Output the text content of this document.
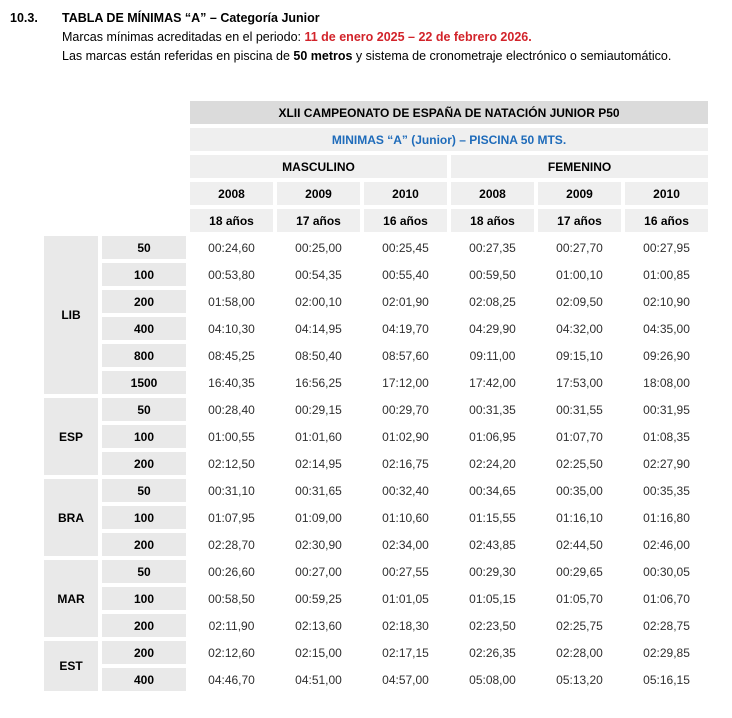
10.3.	TABLA DE MÍNIMAS “A” – Categoría Junior
Marcas mínimas acreditadas en el periodo: 11 de enero 2025 – 22 de febrero 2026.
Las marcas están referidas en piscina de 50 metros y sistema de cronometraje electrónico o semiautomático.
		XLII CAMPEONATO DE ESPAÑA DE NATACIÓN JUNIOR P50					
		MINIMAS “A” (Junior) – PISCINA 50 MTS.					
		MASCULINO			FEMENINO		
		2008	2009	2010	2008	2009	2010
		18 años	17 años	16 años	18 años	17 años	16 años
LIB	50	00:24,60	00:25,00	00:25,45	00:27,35	00:27,70	00:27,95
	100	00:53,80	00:54,35	00:55,40	00:59,50	01:00,10	01:00,85
	200	01:58,00	02:00,10	02:01,90	02:08,25	02:09,50	02:10,90
	400	04:10,30	04:14,95	04:19,70	04:29,90	04:32,00	04:35,00
	800	08:45,25	08:50,40	08:57,60	09:11,00	09:15,10	09:26,90
	1500	16:40,35	16:56,25	17:12,00	17:42,00	17:53,00	18:08,00
ESP	50	00:28,40	00:29,15	00:29,70	00:31,35	00:31,55	00:31,95
	100	01:00,55	01:01,60	01:02,90	01:06,95	01:07,70	01:08,35
	200	02:12,50	02:14,95	02:16,75	02:24,20	02:25,50	02:27,90
BRA	50	00:31,10	00:31,65	00:32,40	00:34,65	00:35,00	00:35,35
	100	01:07,95	01:09,00	01:10,60	01:15,55	01:16,10	01:16,80
	200	02:28,70	02:30,90	02:34,00	02:43,85	02:44,50	02:46,00
MAR	50	00:26,60	00:27,00	00:27,55	00:29,30	00:29,65	00:30,05
	100	00:58,50	00:59,25	01:01,05	01:05,15	01:05,70	01:06,70
	200	02:11,90	02:13,60	02:18,30	02:23,50	02:25,75	02:28,75
EST	200	02:12,60	02:15,00	02:17,15	02:26,35	02:28,00	02:29,85
	400	04:46,70	04:51,00	04:57,00	05:08,00	05:13,20	05:16,15
